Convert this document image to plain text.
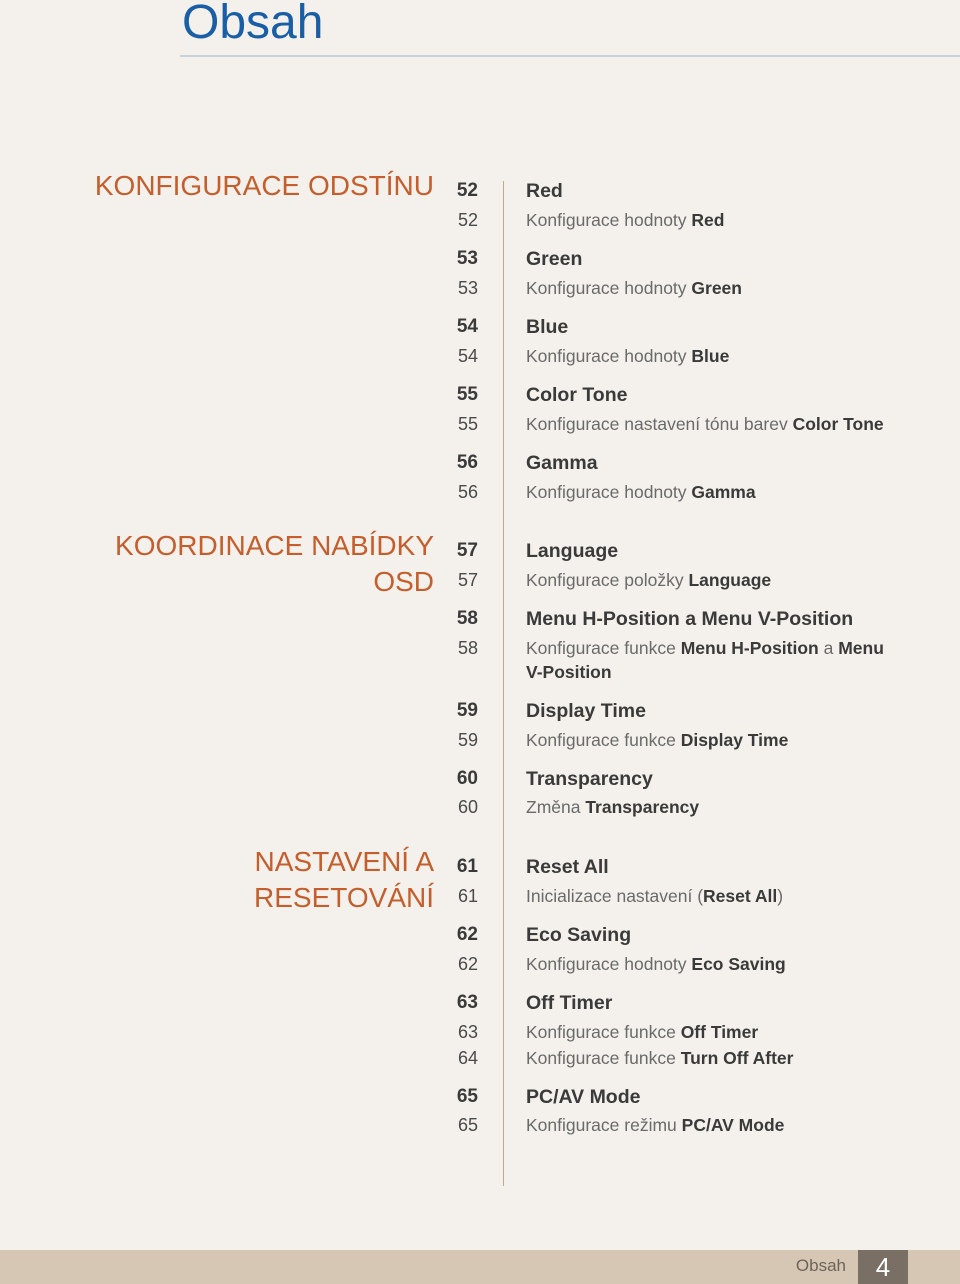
Obsah
KONFIGURACE ODSTÍNU	52 Red
52	Konfigurace hodnoty Red
53 Green
53	Konfigurace hodnoty Green
54 Blue
54	Konfigurace hodnoty Blue
55 Color Tone
55	Konfigurace nastavení tónu barev Color Tone
56 Gamma
56	Konfigurace hodnoty Gamma
KOORDINACE NABÍDKY
OSD
57 Language
57	Konfigurace položky Language
58 Menu H-Position a Menu V-Position
58	Konfigurace funkce Menu H-Position a Menu
V-Position
59 Display Time
59	Konfigurace funkce Display Time
60 Transparency
60	Změna Transparency
NASTAVENÍ A
RESETOVÁNÍ
61 Reset All
61	Inicializace nastavení (Reset All)
62 Eco Saving
62	Konfigurace hodnoty Eco Saving
63 Off Timer
63	Konfigurace funkce Off Timer
64	Konfigurace funkce Turn Off After
65 PC/AV Mode
65	Konfigurace režimu PC/AV Mode
Obsah	4
